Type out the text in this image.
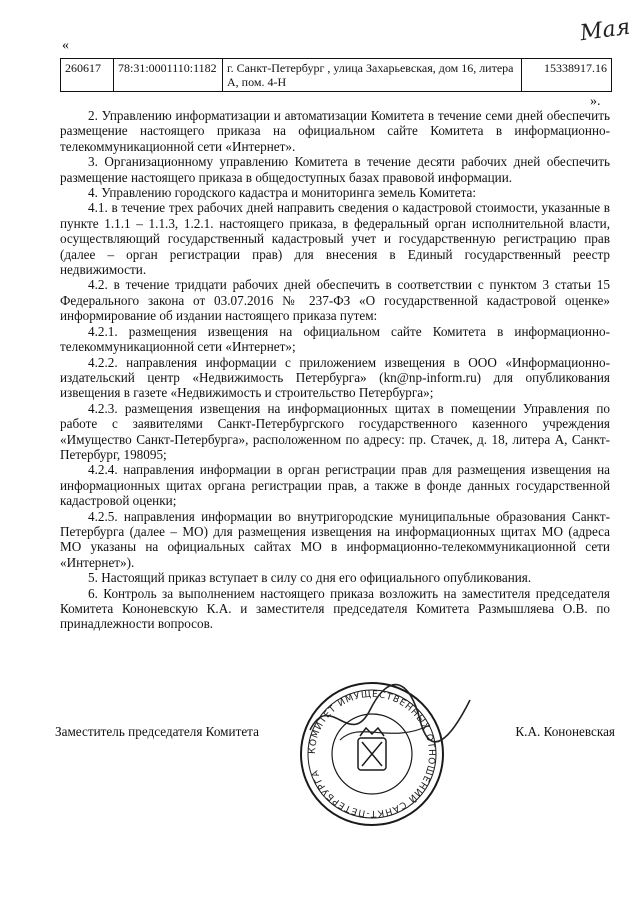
«	Мая
260617	78:31:0001110:1182	г. Санкт-Петербург , улица Захарьевская, дом 16, литера А, пом. 4-Н	15338917.16
».

2. Управлению информатизации и автоматизации Комитета в течение семи дней обеспечить размещение настоящего приказа на официальном сайте Комитета в информационно-телекоммуникационной сети «Интернет».

3. Организационному управлению Комитета в течение десяти рабочих дней обеспечить размещение настоящего приказа в общедоступных базах правовой информации.

4. Управлению городского кадастра и мониторинга земель Комитета:

4.1. в течение трех рабочих дней направить сведения о кадастровой стоимости, указанные в пункте 1.1.1 – 1.1.3, 1.2.1. настоящего приказа, в федеральный орган исполнительной власти, осуществляющий государственный кадастровый учет и государственную регистрацию прав (далее – орган регистрации прав) для внесения в Единый государственный реестр недвижимости.

4.2. в течение тридцати рабочих дней обеспечить в соответствии с пунктом 3 статьи 15 Федерального закона от 03.07.2016 № 237-ФЗ «О государственной кадастровой оценке» информирование об издании настоящего приказа путем:

4.2.1. размещения извещения на официальном сайте Комитета в информационно-телекоммуникационной сети «Интернет»;

4.2.2. направления информации с приложением извещения в ООО «Информационно-издательский центр «Недвижимость Петербурга» (kn@np-inform.ru) для опубликования извещения в газете «Недвижимость и строительство Петербурга»;

4.2.3. размещения извещения на информационных щитах в помещении Управления по работе с заявителями Санкт-Петербургского государственного казенного учреждения «Имущество Санкт-Петербурга», расположенном по адресу: пр. Стачек, д. 18, литера А, Санкт-Петербург, 198095;

4.2.4. направления информации в орган регистрации прав для размещения извещения на информационных щитах органа регистрации прав, а также в фонде данных государственной кадастровой оценки;

4.2.5. направления информации во внутригородские муниципальные образования Санкт-Петербурга (далее – МО) для размещения извещения на информационных щитах МО (адреса МО указаны на официальных сайтах МО в информационно-телекоммуникационной сети «Интернет»).

5. Настоящий приказ вступает в силу со дня его официального опубликования.

6. Контроль за выполнением настоящего приказа возложить на заместителя председателя Комитета Кононевскую К.А. и заместителя председателя Комитета Размышляева О.В. по принадлежности вопросов.

КОМИТЕТ ИМУЩЕСТВЕННЫХ ОТНОШЕНИЙ САНКТ-ПЕТЕРБУРГА
Заместитель председателя Комитета	К.А. Кононевская
